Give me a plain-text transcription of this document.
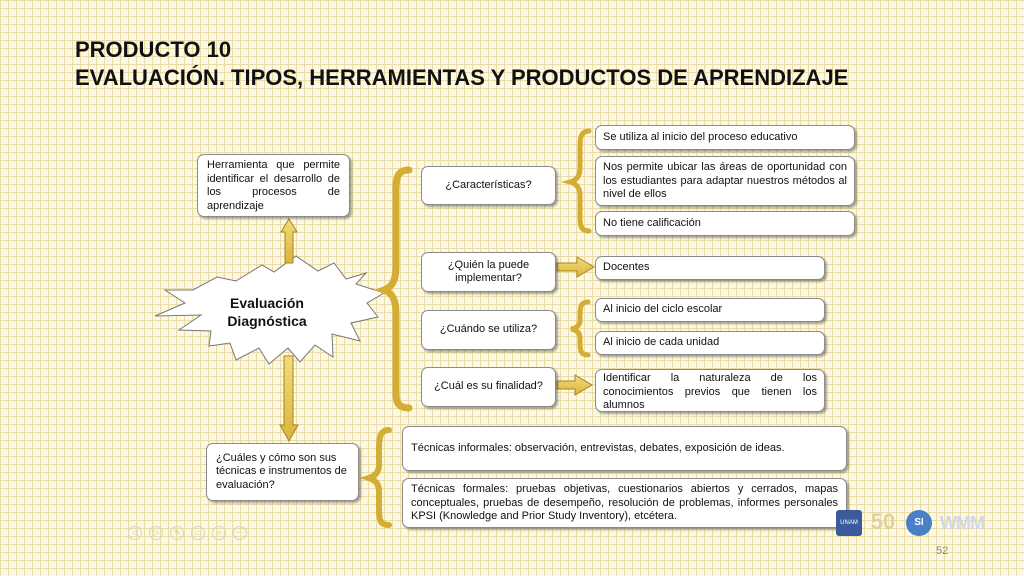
PRODUCTO 10
EVALUACIÓN. TIPOS, HERRAMIENTAS Y PRODUCTOS DE APRENDIZAJE
Evaluación
Diagnóstica
Herramienta que permite identificar el desarrollo de los procesos de aprendizaje
¿Cuáles y cómo son sus técnicas e instrumentos de evaluación?
¿Características?
¿Quién la puede implementar?
¿Cuándo se utiliza?
¿Cuál es su finalidad?
Se utiliza al inicio del proceso educativo
Nos permite ubicar las áreas de oportunidad con los estudiantes para adaptar nuestros métodos al nivel de ellos
No tiene calificación
Docentes
Al inicio del ciclo escolar
Al inicio de cada unidad
Identificar la naturaleza de los conocimientos previos que tienen los alumnos
Técnicas informales: observación, entrevistas, debates, exposición de ideas.
Técnicas formales: pruebas objetivas, cuestionarios abiertos y cerrados, mapas conceptuales, pruebas de desempeño, resolución de problemas, informes personales KPSI (Knowledge and Prior Study Inventory), etcétera.
◁	▷	✎	▭	⌕	⋯
UNAM 50	SI WMM
52
